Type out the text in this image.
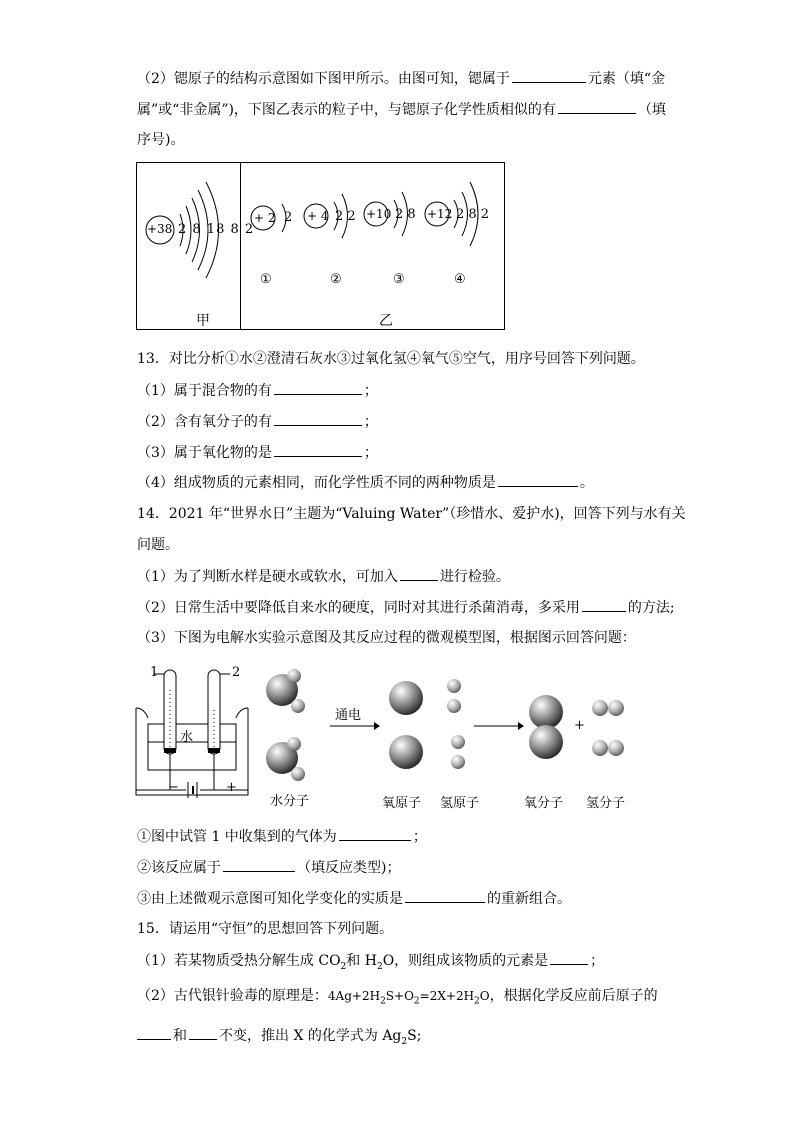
（2）锶原子的结构示意图如下图甲所示。由图可知，锶属于	元素（填“金
属”或“非金属”)，下图乙表示的粒子中，与锶原子化学性质相似的有	（填
序号)。
+38 2 8 18 8 2
+ 2 2 + 4 2 2 +10 2 8 +12 2 8 2
①	②	③	④
甲	乙
13．对比分析①水②澄清石灰水③过氧化氢④氧气⑤空气，用序号回答下列问题。
（1）属于混合物的有	；
（2）含有氧分子的有	；
（3）属于氧化物的是	；
（4）组成物质的元素相同，而化学性质不同的两种物质是	。
14．2021 年“世界水日”主题为“Valuing Water”（珍惜水、爱护水)，回答下列与水有关
问题。
（1）为了判断水样是硬水或软水，可加入	进行检验。
（2）日常生活中要降低自来水的硬度，同时对其进行杀菌消毒，多采用	的方法;
（3）下图为电解水实验示意图及其反应过程的微观模型图，根据图示回答问题：
1	2
水
−	+
水分子
通电
氧原子 氢原子
+
氧分子 氢分子
①图中试管 1 中收集到的气体为	；
②该反应属于	（填反应类型)；
③由上述微观示意图可知化学变化的实质是	的重新组合。
15．请运用“守恒”的思想回答下列问题。
（1）若某物质受热分解生成 $CO_2$和 $H_2O$，则组成该物质的元素是	；
（2）古代银针验毒的原理是：$4Ag+2H_2S+O_2=2X+2H_2O$，根据化学反应前后原子的
和 不变，推出 X 的化学式为 $Ag_2S$;
